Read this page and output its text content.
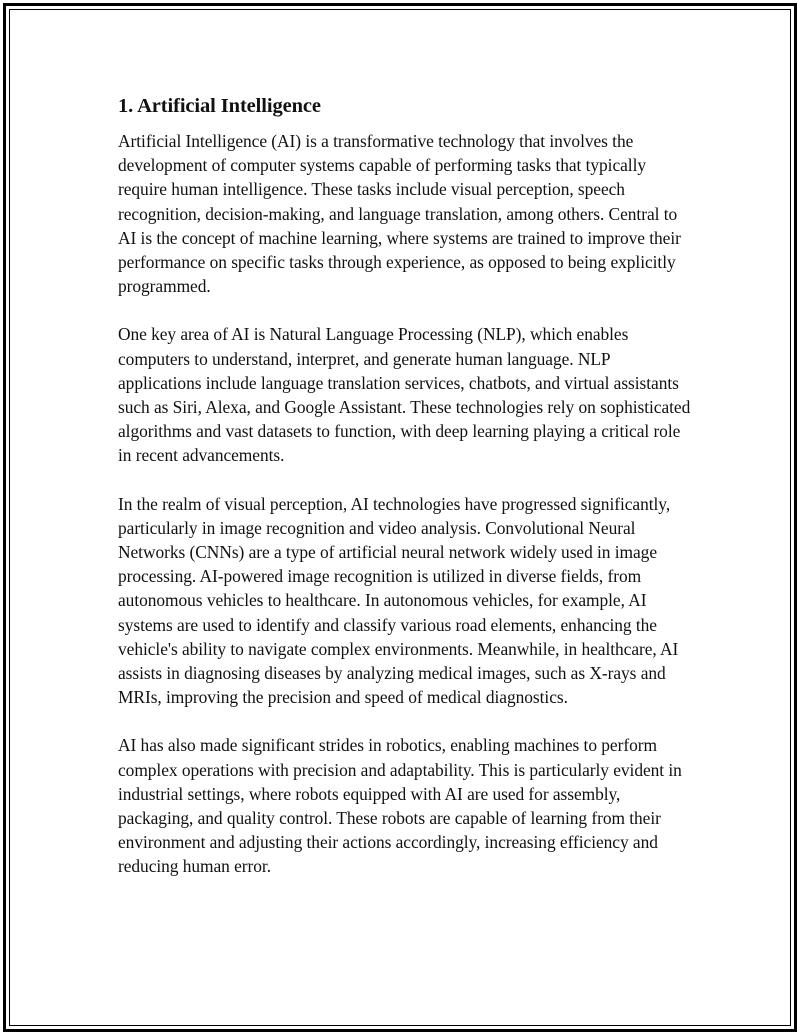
1. Artificial Intelligence

Artificial Intelligence (AI) is a transformative technology that involves the development of computer systems capable of performing tasks that typically require human intelligence. These tasks include visual perception, speech recognition, decision-making, and language translation, among others. Central to AI is the concept of machine learning, where systems are trained to improve their performance on specific tasks through experience, as opposed to being explicitly programmed.

One key area of AI is Natural Language Processing (NLP), which enables computers to understand, interpret, and generate human language. NLP applications include language translation services, chatbots, and virtual assistants such as Siri, Alexa, and Google Assistant. These technologies rely on sophisticated algorithms and vast datasets to function, with deep learning playing a critical role in recent advancements.

In the realm of visual perception, AI technologies have progressed significantly, particularly in image recognition and video analysis. Convolutional Neural Networks (CNNs) are a type of artificial neural network widely used in image processing. AI-powered image recognition is utilized in diverse fields, from autonomous vehicles to healthcare. In autonomous vehicles, for example, AI systems are used to identify and classify various road elements, enhancing the vehicle's ability to navigate complex environments. Meanwhile, in healthcare, AI assists in diagnosing diseases by analyzing medical images, such as X-rays and MRIs, improving the precision and speed of medical diagnostics.

AI has also made significant strides in robotics, enabling machines to perform complex operations with precision and adaptability. This is particularly evident in industrial settings, where robots equipped with AI are used for assembly, packaging, and quality control. These robots are capable of learning from their environment and adjusting their actions accordingly, increasing efficiency and reducing human error.
